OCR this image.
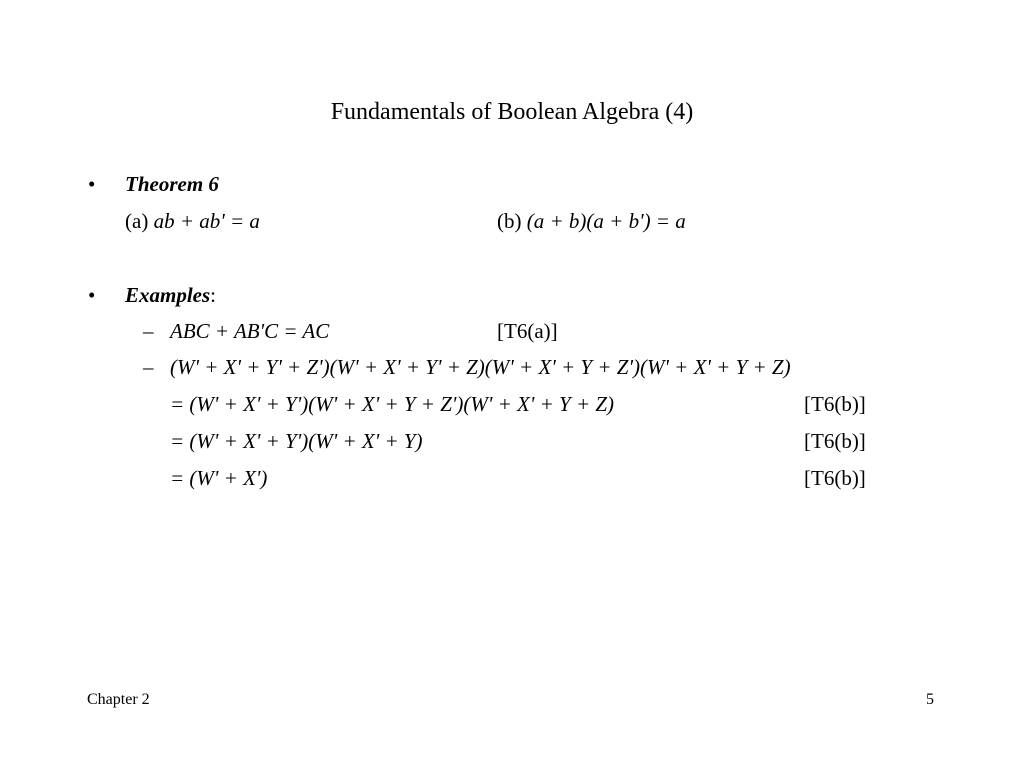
Fundamentals of Boolean Algebra (4)
• Theorem 6
(a) ab + ab' = a	(b) (a + b)(a + b') = a
• Examples:
– ABC + AB'C = AC	[T6(a)]
– (W' + X' + Y' + Z')(W' + X' + Y' + Z)(W' + X' + Y + Z')(W' + X' + Y + Z)
= (W' + X' + Y')(W' + X' + Y + Z')(W' + X' + Y + Z)	[T6(b)]
= (W' + X' + Y')(W' + X' + Y)	[T6(b)]
= (W' + X')	[T6(b)]
Chapter 2	5
